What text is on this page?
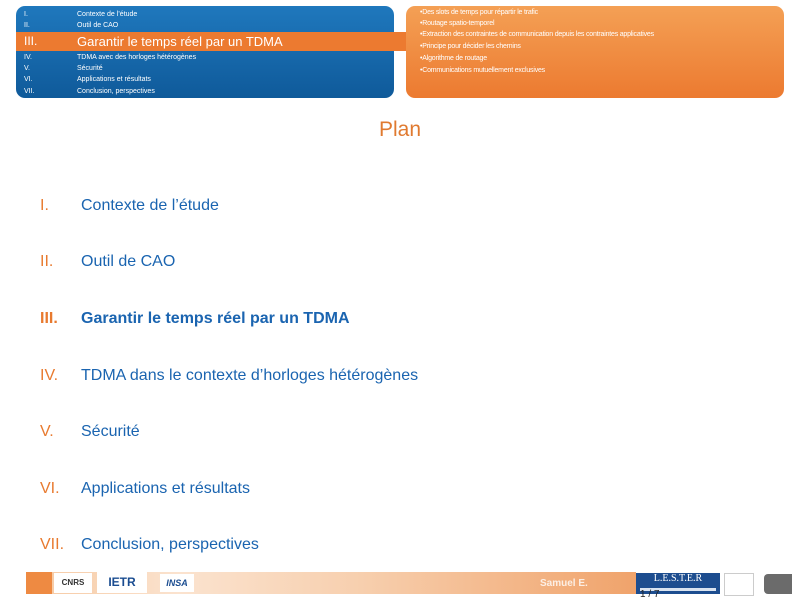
I.	Contexte de l’étude
II.	Outil de CAO
III.	Garantir le temps réel par un TDMA
IV.	TDMA avec des horloges hétérogènes
V.	Sécurité
VI.	Applications et résultats
VII.	Conclusion, perspectives
•Des slots de temps pour répartir le trafic
•Routage spatio-temporel
•Extraction des contraintes de communication depuis les contraintes applicatives
•Principe pour décider les chemins
•Algorithme de routage
•Communications mutuellement exclusives
Plan
I. Contexte de l’étude
II. Outil de CAO
III. Garantir le temps réel par un TDMA
IV. TDMA dans le contexte d’horloges hétérogènes
V. Sécurité
VI. Applications et résultats
VII. Conclusion, perspectives
CNRS	IETR	INSA	Samuel E.	L.E.S.T.E.R
1 / 7
